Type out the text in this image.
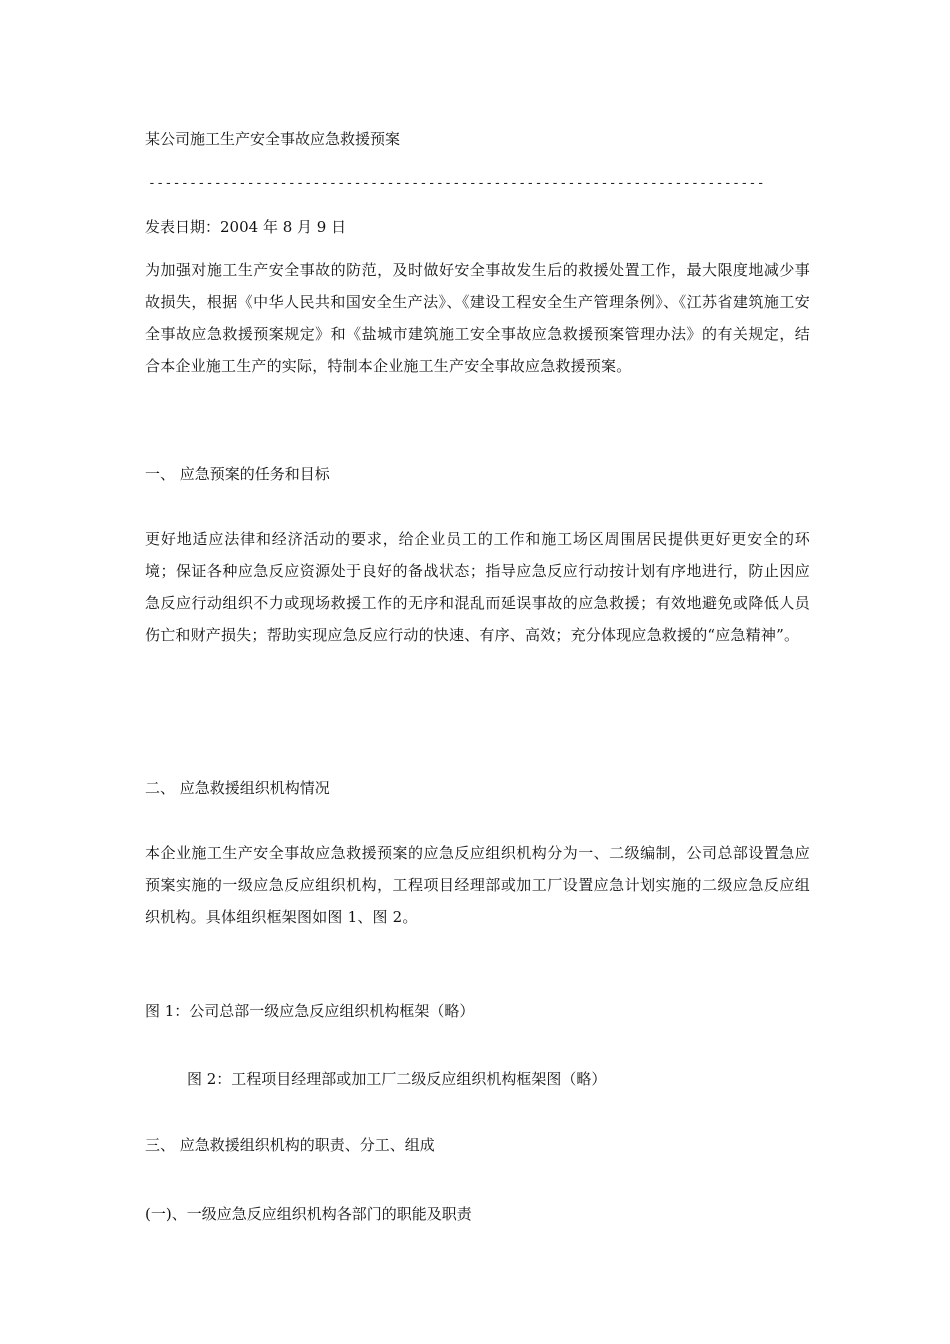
某公司施工生产安全事故应急救援预案

---------------------------------------------------------------------------

发表日期：2004 年 8 月 9 日

为加强对施工生产安全事故的防范，及时做好安全事故发生后的救援处置工作，最大限度地减少事故损失，根据《中华人民共和国安全生产法》、《建设工程安全生产管理条例》、《江苏省建筑施工安全事故应急救援预案规定》和《盐城市建筑施工安全事故应急救援预案管理办法》的有关规定，结合本企业施工生产的实际，特制本企业施工生产安全事故应急救援预案。

一、 应急预案的任务和目标

更好地适应法律和经济活动的要求，给企业员工的工作和施工场区周围居民提供更好更安全的环境；保证各种应急反应资源处于良好的备战状态；指导应急反应行动按计划有序地进行，防止因应急反应行动组织不力或现场救援工作的无序和混乱而延误事故的应急救援；有效地避免或降低人员伤亡和财产损失；帮助实现应急反应行动的快速、有序、高效；充分体现应急救援的“应急精神”。

二、 应急救援组织机构情况

本企业施工生产安全事故应急救援预案的应急反应组织机构分为一、二级编制，公司总部设置急应预案实施的一级应急反应组织机构，工程项目经理部或加工厂设置应急计划实施的二级应急反应组织机构。具体组织框架图如图 1、图 2。

图 1：公司总部一级应急反应组织机构框架（略）

图 2：工程项目经理部或加工厂二级反应组织机构框架图（略）

三、 应急救援组织机构的职责、分工、组成

(一)、一级应急反应组织机构各部门的职能及职责
